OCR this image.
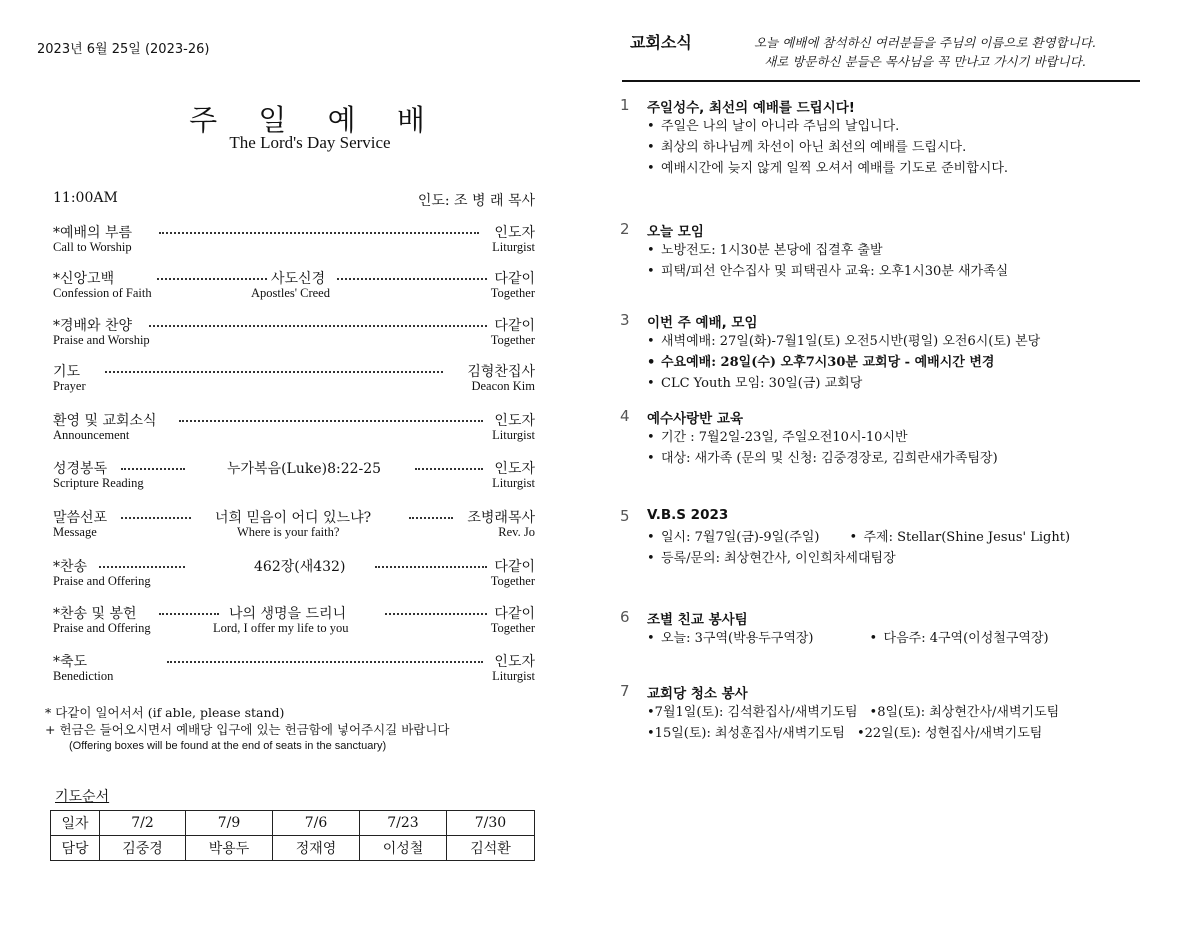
2023년 6월 25일 (2023-26)
주 일 예 배
The Lord's Day Service
11:00AM	인도: 조 병 래 목사
*예배의 부름	인도자
Call to Worship	Liturgist
*신앙고백	사도신경	다같이
Confession of Faith	Apostles' Creed	Together
*경배와 찬양	다같이
Praise and Worship	Together
기도	김형찬집사
Prayer	Deacon Kim
환영 및 교회소식	인도자
Announcement	Liturgist
성경봉독	누가복음(Luke)8:22-25	인도자
Scripture Reading	Liturgist
말씀선포	너희 믿음이 어디 있느냐?	조병래목사
Message	Where is your faith?	Rev. Jo
*찬송	462장(새432)	다같이
Praise and Offering	Together
*찬송 및 봉헌	나의 생명을 드리니	다같이
Praise and Offering	Lord, I offer my life to you	Together
*축도	인도자
Benediction	Liturgist
* 다같이 일어서서 (if able, please stand)
+ 헌금은 들어오시면서 예배당 입구에 있는 헌금함에 넣어주시길 바랍니다
(Offering boxes will be found at the end of seats in the sanctuary)
기도순서
일자	7/2	7/9	7/6	7/23	7/30
담당	김중경	박용두	정재영	이성철	김석환
교회소식	오늘 예배에 참석하신 여러분들을 주님의 이름으로 환영합니다.
새로 방문하신 분들은 목사님을 꼭 만나고 가시기 바랍니다.
1 주일성수, 최선의 예배를 드립시다!
• 주일은 나의 날이 아니라 주님의 날입니다.
• 최상의 하나님께 차선이 아닌 최선의 예배를 드립시다.
• 예배시간에 늦지 않게 일찍 오셔서 예배를 기도로 준비합시다.
2 오늘 모임
• 노방전도: 1시30분 본당에 집결후 출발
• 피택/피선 안수집사 및 피택권사 교육: 오후1시30분 새가족실
3 이번 주 예배, 모임
• 새벽예배: 27일(화)-7월1일(토) 오전5시반(평일) 오전6시(토) 본당
• 수요예배: 28일(수) 오후7시30분 교회당 - 예배시간 변경
• CLC Youth 모임: 30일(금) 교회당
4 예수사랑반 교육
• 기간 : 7월2일-23일, 주일오전10시-10시반
• 대상: 새가족 (문의 및 신청: 김중경장로, 김희란새가족팀장)
5 V.B.S 2023
• 일시: 7월7일(금)-9일(주일) • 주제: Stellar(Shine Jesus' Light)
• 등록/문의: 최상현간사, 이인희차세대팀장
6 조별 친교 봉사팀
• 오늘: 3구역(박용두구역장)	• 다음주: 4구역(이성철구역장)
7 교회당 청소 봉사
•7월1일(토): 김석환집사/새벽기도팀 •8일(토): 최상현간사/새벽기도팀
•15일(토): 최성훈집사/새벽기도팀 •22일(토): 성현집사/새벽기도팀
